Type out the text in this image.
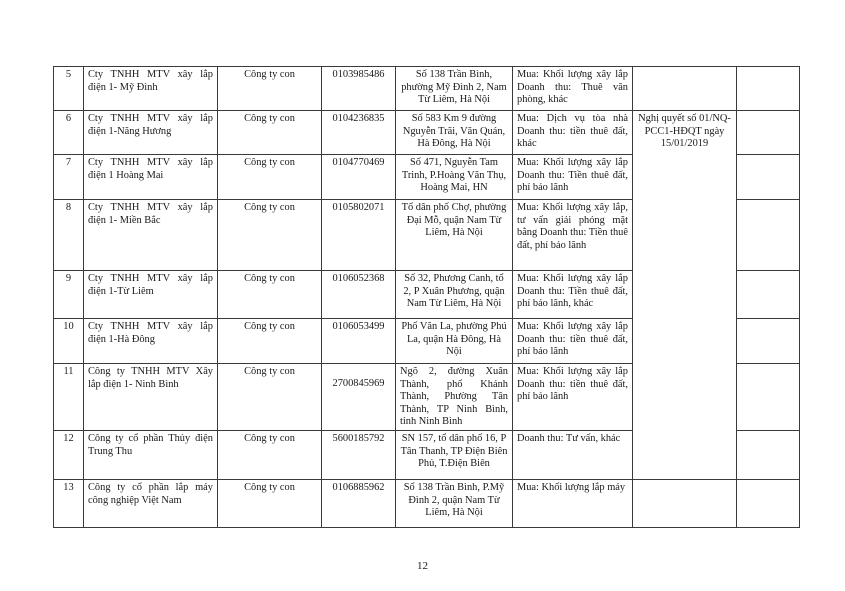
5	Cty TNHH MTV xây lắp điện 1- Mỹ Đình	Công ty con	0103985486	Số 138 Trần Bình, phường Mỹ Đình 2, Nam Từ Liêm, Hà Nội	Mua: Khối lượng xây lắp Doanh thu: Thuê văn phòng, khác			
6	Cty TNHH MTV xây lắp điện 1-Năng Hương	Công ty con	0104236835	Số 583 Km 9 đường Nguyễn Trãi, Văn Quán, Hà Đông, Hà Nội	Mua: Dịch vụ tòa nhà Doanh thu: tiền thuê đất, khác	Nghị quyết số 01/NQ-PCC1-HĐQT ngày 15/01/2019		
7	Cty TNHH MTV xây lắp điện 1 Hoàng Mai	Công ty con	0104770469	Số 471, Nguyễn Tam Trinh, P.Hoàng Văn Thụ, Hoàng Mai, HN	Mua: Khối lượng xây lắp Doanh thu: Tiền thuê đất, phí bảo lãnh			
8	Cty TNHH MTV xây lắp điện 1- Miền Bắc	Công ty con	0105802071	Tổ dân phố Chợ, phường Đại Mỗ, quận Nam Từ Liêm, Hà Nội	Mua: Khối lượng xây lắp, tư vấn giải phóng mặt bằng Doanh thu: Tiền thuê đất, phí bảo lãnh			
9	Cty TNHH MTV xây lắp điện 1-Từ Liêm	Công ty con	0106052368	Số 32, Phương Canh, tổ 2, P Xuân Phương, quận Nam Từ Liêm, Hà Nội	Mua: Khối lượng xây lắp Doanh thu: Tiền thuê đất, phí bảo lãnh, khác			
10	Cty TNHH MTV xây lắp điện 1-Hà Đông	Công ty con	0106053499	Phố Văn La, phường Phú La, quận Hà Đông, Hà Nội	Mua: Khối lượng xây lắp Doanh thu: tiền thuê đất, phí bảo lãnh			
11	Công ty TNHH MTV Xây lắp điện 1- Ninh Bình	Công ty con	2700845969	Ngõ 2, đường Xuân Thành, phố Khánh Thành, Phường Tân Thành, TP Ninh Bình, tỉnh Ninh Bình	Mua: Khối lượng xây lắp Doanh thu: tiền thuê đất, phí bảo lãnh			
12	Công ty cổ phần Thủy điện Trung Thu	Công ty con	5600185792	SN 157, tổ dân phố 16, P Tân Thanh, TP Điện Biên Phủ, T.Điện Biên	Doanh thu: Tư vấn, khác			
13	Công ty cổ phần lắp máy công nghiệp Việt Nam	Công ty con	0106885962	Số 138 Trần Bình, P.Mỹ Đình 2, quận Nam Từ Liêm, Hà Nội	Mua: Khối lượng lắp máy			
12
